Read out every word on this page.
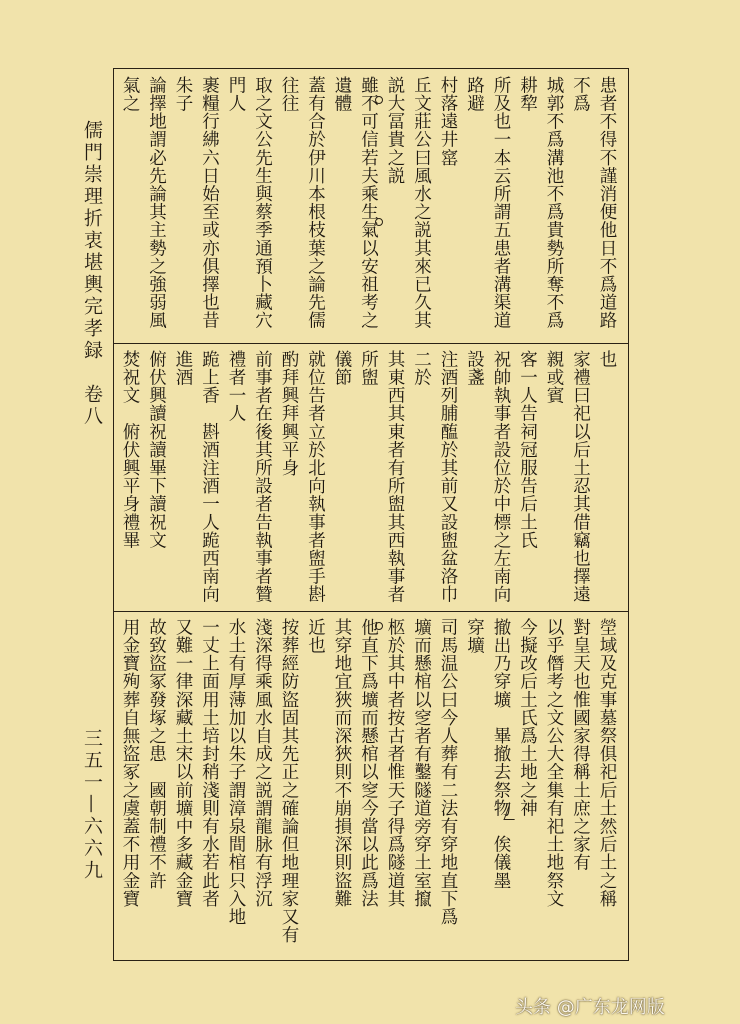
儒門崇理折衷堪輿完孝録　卷八
三五一—六六九
患者不得不謹消便他日不爲道路不爲
城郭不爲溝池不爲貴勢所奪不爲耕犂
所及也一本云所謂五患者溝渠道路避
村落遠井窰
丘文莊公曰風水之説其來已久其説大冨貴之説
雖不可信若夫乘生氣以安祖考之遺體
蓋有合於伊川本根枝葉之論先儒往往
取之文公先生與蔡季通預卜藏穴門人
裹糧行紼六日始至或亦俱擇也昔朱子
論擇地謂必先論其主勢之強弱風氣之
也
家禮曰祀以后土忍其借竊也擇遠親或賓
客一人告祠冠服告后土氏
祝帥執事者設位於中標之左南向設盞
注酒列脯醢於其前又設盥盆洛巾二於
其東西其東者有所盥其西執事者所盥
儀節
就位告者立於北向執事者盥手斟酌拜興拜興平身
前事者在後其所設者告執事者贊禮者一人
跪上香　斟酒注酒一人跪西南向進酒
俯伏興讀祝讀畢下讀祝文
焚祝文　俯伏興平身禮畢
塋域及克事墓祭俱祀后土然后土之稱
對皇天也惟國家得稱土庶之家有
以乎僭考之文公大全集有祀土地祭文
今擬改后土氏爲土地之神
撤出乃穿壙　畢撤去祭物　俟儀墨
穿壙
司馬温公曰今人葬有二法有穿地直下爲
壙而懸棺以窆者有鑿隧道旁穿土室攛
柩於其中者按古者惟天子得爲隧道其
他直下爲壙而懸棺以窆今當以此爲法
其穿地宜狹而深狹則不崩損深則盜難
近也
按葬經防盜固其先正之確論但地理家又有
淺深得乘風水自成之説謂龍脉有浮沉
水土有厚薄加以朱子謂漳泉間棺只入地
一丈上面用土培封稍淺則有水若此者
又難一律深藏土宋以前壙中多藏金寶
故致盜冢發塚之患　國朝制禮不許
用金寶殉葬自無盜冢之虞蓋不用金寶
头条 @广东龙网版
